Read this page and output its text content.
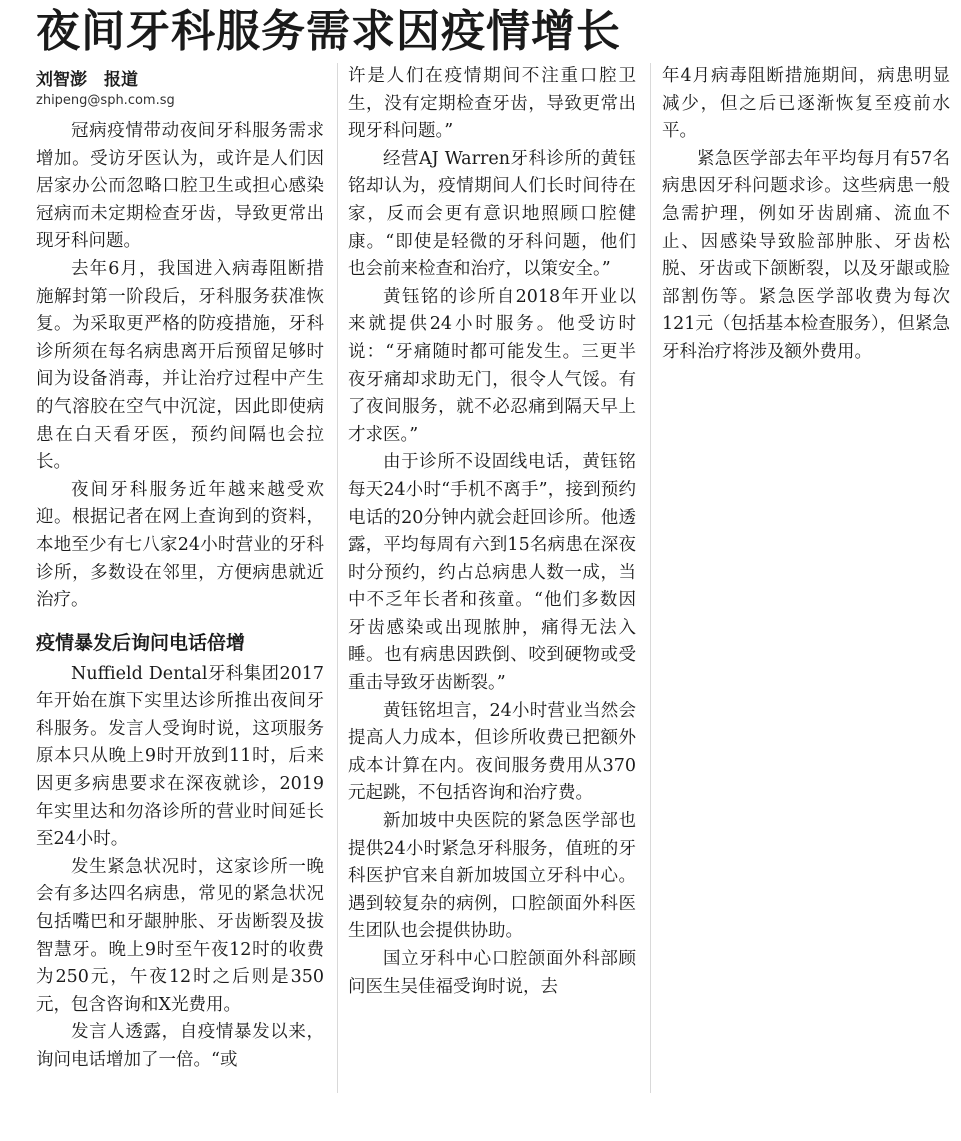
夜间牙科服务需求因疫情增长
刘智澎　报道
zhipeng@sph.com.sg

冠病疫情带动夜间牙科服务需求增加。受访牙医认为，或许是人们因居家办公而忽略口腔卫生或担心感染冠病而未定期检查牙齿，导致更常出现牙科问题。

去年6月，我国进入病毒阻断措施解封第一阶段后，牙科服务获准恢复。为采取更严格的防疫措施，牙科诊所须在每名病患离开后预留足够时间为设备消毒，并让治疗过程中产生的气溶胶在空气中沉淀，因此即使病患在白天看牙医，预约间隔也会拉长。

夜间牙科服务近年越来越受欢迎。根据记者在网上查询到的资料，本地至少有七八家24小时营业的牙科诊所，多数设在邻里，方便病患就近治疗。

疫情暴发后询问电话倍增

Nuffield Dental牙科集团2017年开始在旗下实里达诊所推出夜间牙科服务。发言人受询时说，这项服务原本只从晚上9时开放到11时，后来因更多病患要求在深夜就诊，2019年实里达和勿洛诊所的营业时间延长至24小时。

发生紧急状况时，这家诊所一晚会有多达四名病患，常见的紧急状况包括嘴巴和牙龈肿胀、牙齿断裂及拔智慧牙。晚上9时至午夜12时的收费为250元，午夜12时之后则是350元，包含咨询和X光费用。

发言人透露，自疫情暴发以来，询问电话增加了一倍。“或

许是人们在疫情期间不注重口腔卫生，没有定期检查牙齿，导致更常出现牙科问题。”

经营AJ Warren牙科诊所的黄钰铭却认为，疫情期间人们长时间待在家，反而会更有意识地照顾口腔健康。“即使是轻微的牙科问题，他们也会前来检查和治疗，以策安全。”

黄钰铭的诊所自2018年开业以来就提供24小时服务。他受访时说：“牙痛随时都可能发生。三更半夜牙痛却求助无门，很令人气馁。有了夜间服务，就不必忍痛到隔天早上才求医。”

由于诊所不设固线电话，黄钰铭每天24小时“手机不离手”，接到预约电话的20分钟内就会赶回诊所。他透露，平均每周有六到15名病患在深夜时分预约，约占总病患人数一成，当中不乏年长者和孩童。“他们多数因牙齿感染或出现脓肿，痛得无法入睡。也有病患因跌倒、咬到硬物或受重击导致牙齿断裂。”

黄钰铭坦言，24小时营业当然会提高人力成本，但诊所收费已把额外成本计算在内。夜间服务费用从370元起跳，不包括咨询和治疗费。

新加坡中央医院的紧急医学部也提供24小时紧急牙科服务，值班的牙科医护官来自新加坡国立牙科中心。遇到较复杂的病例，口腔颌面外科医生团队也会提供协助。

国立牙科中心口腔颌面外科部顾问医生吴佳福受询时说，去

年4月病毒阻断措施期间，病患明显减少，但之后已逐渐恢复至疫前水平。

紧急医学部去年平均每月有57名病患因牙科问题求诊。这些病患一般急需护理，例如牙齿剧痛、流血不止、因感染导致脸部肿胀、牙齿松脱、牙齿或下颌断裂，以及牙龈或脸部割伤等。紧急医学部收费为每次121元（包括基本检查服务），但紧急牙科治疗将涉及额外费用。
